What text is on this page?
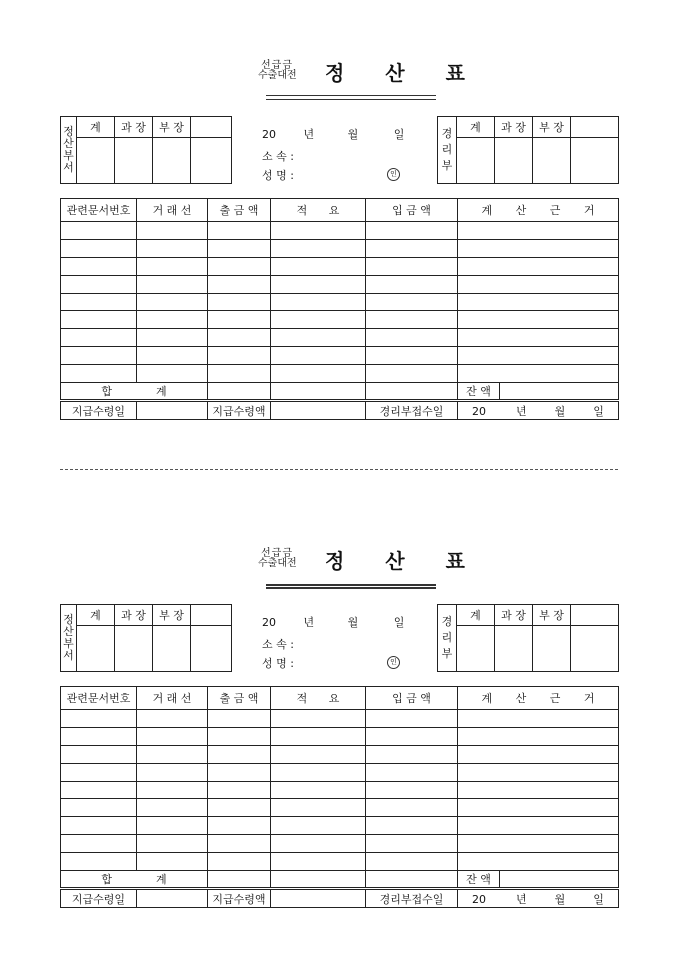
선급금
수출대전 정 산 표
정산부서	계	과 장	부 장	

20	년	월	일
소 속 :
성 명 :	인
경리부	계	과 장	부 장	

관련문서번호	거 래 선	출 금 액	적 요	입 금 액	계 산 근 거	

합 계					잔 액	
지급수령일		지급수령액		경리부접수일	20 년 월 일	
선급금
수출대전 정 산 표
정산부서	계	과 장	부 장	

20	년	월	일
소 속 :
성 명 :	인
경리부	계	과 장	부 장	

관련문서번호	거 래 선	출 금 액	적 요	입 금 액	계 산 근 거	

합 계					잔 액	
지급수령일		지급수령액		경리부접수일	20 년 월 일	
